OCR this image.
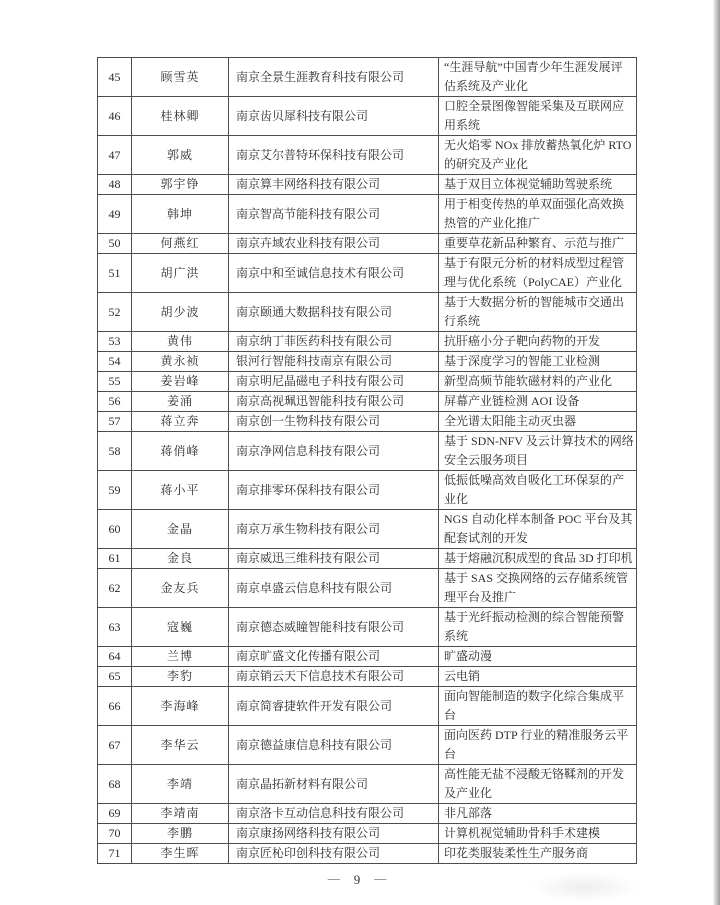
45	顾雪英	南京全景生涯教育科技有限公司	“生涯导航”中国青少年生涯发展评估系统及产业化
46	桂林卿	南京齿贝犀科技有限公司	口腔全景图像智能采集及互联网应用系统
47	郭威	南京艾尔普特环保科技有限公司	无火焰零 NOx 排放蓄热氧化炉 RTO 的研究及产业化
48	郭宇铮	南京算丰网络科技有限公司	基于双目立体视觉辅助驾驶系统
49	韩坤	南京智高节能科技有限公司	用于相变传热的单双面强化高效换热管的产业化推广
50	何燕红	南京卉域农业科技有限公司	重要草花新品种繁育、示范与推广
51	胡广洪	南京中和至诚信息技术有限公司	基于有限元分析的材料成型过程管理与优化系统（PolyCAE）产业化
52	胡少波	南京颐通大数据科技有限公司	基于大数据分析的智能城市交通出行系统
53	黄伟	南京纳丁菲医药科技有限公司	抗肝癌小分子靶向药物的开发
54	黄永祯	银河行智能科技南京有限公司	基于深度学习的智能工业检测
55	姜岩峰	南京明尼晶磁电子科技有限公司	新型高频节能软磁材料的产业化
56	姜涌	南京高视珮迅智能科技有限公司	屏幕产业链检测 AOI 设备
57	蒋立奔	南京创一生物科技有限公司	全光谱太阳能主动灭虫器
58	蒋俏峰	南京净网信息科技有限公司	基于 SDN-NFV 及云计算技术的网络安全云服务项目
59	蒋小平	南京排零环保科技有限公司	低振低噪高效自吸化工环保泵的产业化
60	金晶	南京万承生物科技有限公司	NGS 自动化样本制备 POC 平台及其配套试剂的开发
61	金良	南京威迅三维科技有限公司	基于熔融沉积成型的食品 3D 打印机
62	金友兵	南京卓盛云信息科技有限公司	基于 SAS 交换网络的云存储系统管理平台及推广
63	寇巍	南京德态威瞳智能科技有限公司	基于光纤振动检测的综合智能预警系统
64	兰博	南京旷盛文化传播有限公司	旷盛动漫
65	李豹	南京销云天下信息技术有限公司	云电销
66	李海峰	南京简睿捷软件开发有限公司	面向智能制造的数字化综合集成平台
67	李华云	南京德益康信息科技有限公司	面向医药 DTP 行业的精准服务云平台
68	李靖	南京晶拓新材料有限公司	高性能无盐不浸酸无铬鞣剂的开发及产业化
69	李靖南	南京洛卡互动信息科技有限公司	非凡部落
70	李鹏	南京康扬网络科技有限公司	计算机视觉辅助骨科手术建模
71	李生晖	南京匠杺印创科技有限公司	印花类服装柔性生产服务商
— 9 —
